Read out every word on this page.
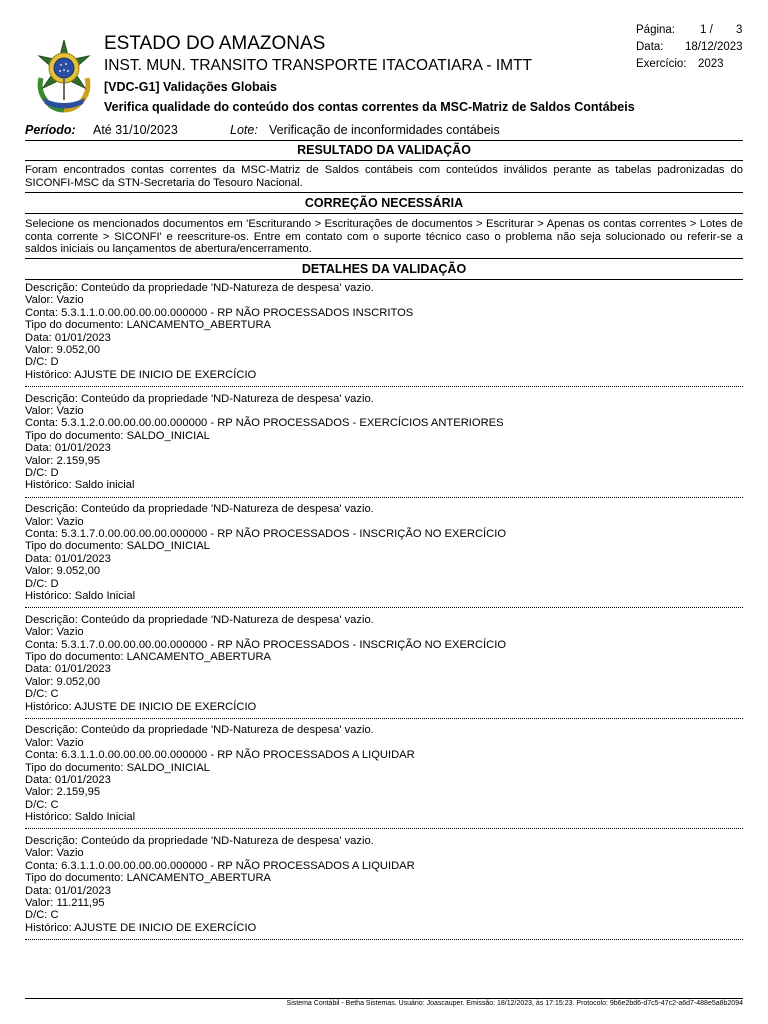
ESTADO DO AMAZONAS
INST. MUN. TRANSITO TRANSPORTE ITACOATIARA - IMTT
[VDC-G1] Validações Globais
Verifica qualidade do conteúdo dos contas correntes da MSC-Matriz de Saldos Contábeis
Página: 1 / 3
Data: 18/12/2023
Exercício: 2023
Período: Até 31/10/2023	Lote: Verificação de inconformidades contábeis
RESULTADO DA VALIDAÇÃO
Foram encontrados contas correntes da MSC-Matriz de Saldos contábeis com conteúdos inválidos perante as tabelas padronizadas do SICONFI-MSC da STN-Secretaria do Tesouro Nacional.
CORREÇÃO NECESSÁRIA
Selecione os mencionados documentos em 'Escriturando > Escriturações de documentos > Escriturar > Apenas os contas correntes > Lotes de conta corrente > SICONFI' e reescriture-os. Entre em contato com o suporte técnico caso o problema não seja solucionado ou referir-se a saldos iniciais ou lançamentos de abertura/encerramento.
DETALHES DA VALIDAÇÃO
Descrição: Conteúdo da propriedade 'ND-Natureza de despesa' vazio.
Valor: Vazio
Conta: 5.3.1.1.0.00.00.00.00.000000 - RP NÃO PROCESSADOS INSCRITOS
Tipo do documento: LANCAMENTO_ABERTURA
Data: 01/01/2023
Valor: 9.052,00
D/C: D
Histórico: AJUSTE DE INICIO DE EXERCÍCIO
Descrição: Conteúdo da propriedade 'ND-Natureza de despesa' vazio.
Valor: Vazio
Conta: 5.3.1.2.0.00.00.00.00.000000 - RP NÃO PROCESSADOS - EXERCÍCIOS ANTERIORES
Tipo do documento: SALDO_INICIAL
Data: 01/01/2023
Valor: 2.159,95
D/C: D
Histórico: Saldo inicial
Descrição: Conteúdo da propriedade 'ND-Natureza de despesa' vazio.
Valor: Vazio
Conta: 5.3.1.7.0.00.00.00.00.000000 - RP NÃO PROCESSADOS - INSCRIÇÃO NO EXERCÍCIO
Tipo do documento: SALDO_INICIAL
Data: 01/01/2023
Valor: 9.052,00
D/C: D
Histórico: Saldo Inicial
Descrição: Conteúdo da propriedade 'ND-Natureza de despesa' vazio.
Valor: Vazio
Conta: 5.3.1.7.0.00.00.00.00.000000 - RP NÃO PROCESSADOS - INSCRIÇÃO NO EXERCÍCIO
Tipo do documento: LANCAMENTO_ABERTURA
Data: 01/01/2023
Valor: 9.052,00
D/C: C
Histórico: AJUSTE DE INICIO DE EXERCÍCIO
Descrição: Conteúdo da propriedade 'ND-Natureza de despesa' vazio.
Valor: Vazio
Conta: 6.3.1.1.0.00.00.00.00.000000 - RP NÃO PROCESSADOS A LIQUIDAR
Tipo do documento: SALDO_INICIAL
Data: 01/01/2023
Valor: 2.159,95
D/C: C
Histórico: Saldo Inicial
Descrição: Conteúdo da propriedade 'ND-Natureza de despesa' vazio.
Valor: Vazio
Conta: 6.3.1.1.0.00.00.00.00.000000 - RP NÃO PROCESSADOS A LIQUIDAR
Tipo do documento: LANCAMENTO_ABERTURA
Data: 01/01/2023
Valor: 11.211,95
D/C: C
Histórico: AJUSTE DE INICIO DE EXERCÍCIO
Sistema Contábil - Betha Sistemas. Usuário: Joascauper. Emissão: 18/12/2023, às 17:15:23. Protocolo: 9b6e2bd6-d7c5-47c2-a6d7-488e5a8b2094
